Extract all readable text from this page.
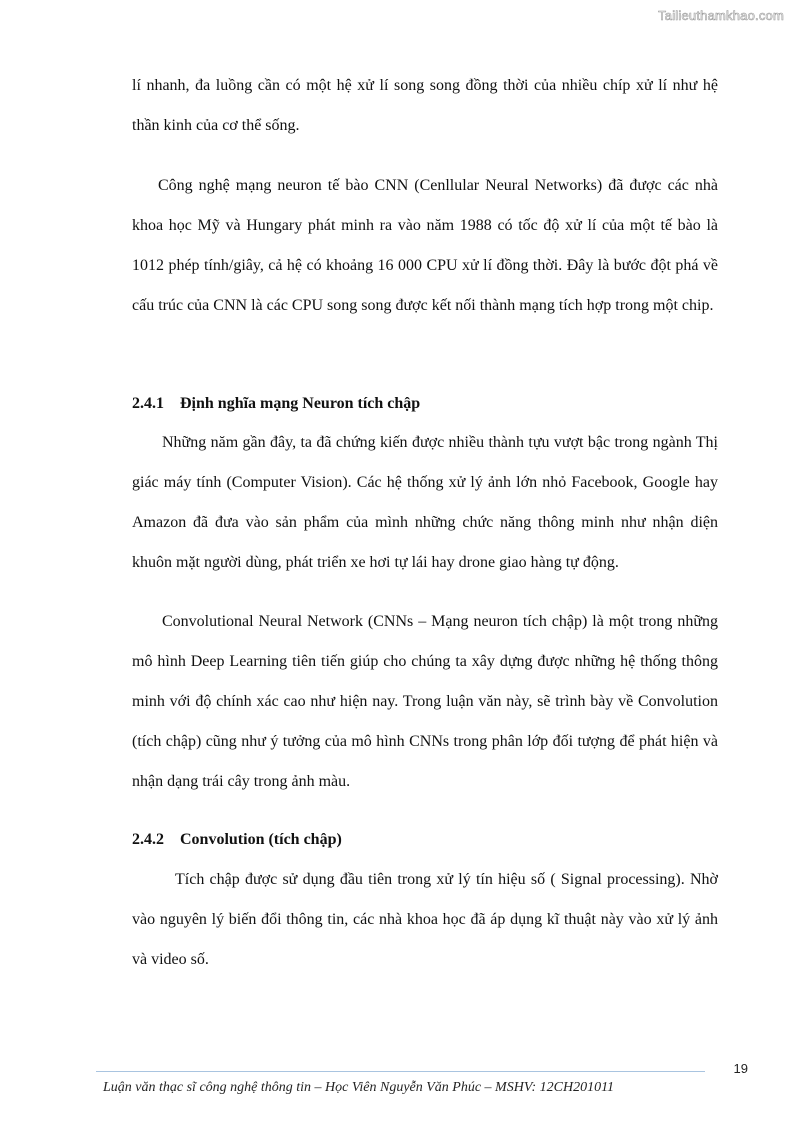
Tailieuthamkhao.com

lí nhanh, đa luồng cần có một hệ xử lí song song đồng thời của nhiều chíp xử lí như hệ thần kinh của cơ thể sống.

Công nghệ mạng neuron tế bào CNN (Cenllular Neural Networks) đã được các nhà khoa học Mỹ và Hungary phát minh ra vào năm 1988 có tốc độ xử lí của một tế bào là 1012 phép tính/giây, cả hệ có khoảng 16 000 CPU xử lí đồng thời. Đây là bước đột phá về cấu trúc của CNN là các CPU song song được kết nối thành mạng tích hợp trong một chip.

2.4.1 Định nghĩa mạng Neuron tích chập

Những năm gần đây, ta đã chứng kiến được nhiều thành tựu vượt bậc trong ngành Thị giác máy tính (Computer Vision). Các hệ thống xử lý ảnh lớn nhỏ Facebook, Google hay Amazon đã đưa vào sản phẩm của mình những chức năng thông minh như nhận diện khuôn mặt người dùng, phát triển xe hơi tự lái hay drone giao hàng tự động.

Convolutional Neural Network (CNNs – Mạng neuron tích chập) là một trong những mô hình Deep Learning tiên tiến giúp cho chúng ta xây dựng được những hệ thống thông minh với độ chính xác cao như hiện nay. Trong luận văn này, sẽ trình bày về Convolution (tích chập) cũng như ý tưởng của mô hình CNNs trong phân lớp đối tượng để phát hiện và nhận dạng trái cây trong ảnh màu.

2.4.2 Convolution (tích chập)

Tích chập được sử dụng đầu tiên trong xử lý tín hiệu số ( Signal processing). Nhờ vào nguyên lý biến đổi thông tin, các nhà khoa học đã áp dụng kĩ thuật này vào xử lý ảnh và video số.

19
Luận văn thạc sĩ công nghệ thông tin – Học Viên Nguyễn Văn Phúc – MSHV: 12CH201011
